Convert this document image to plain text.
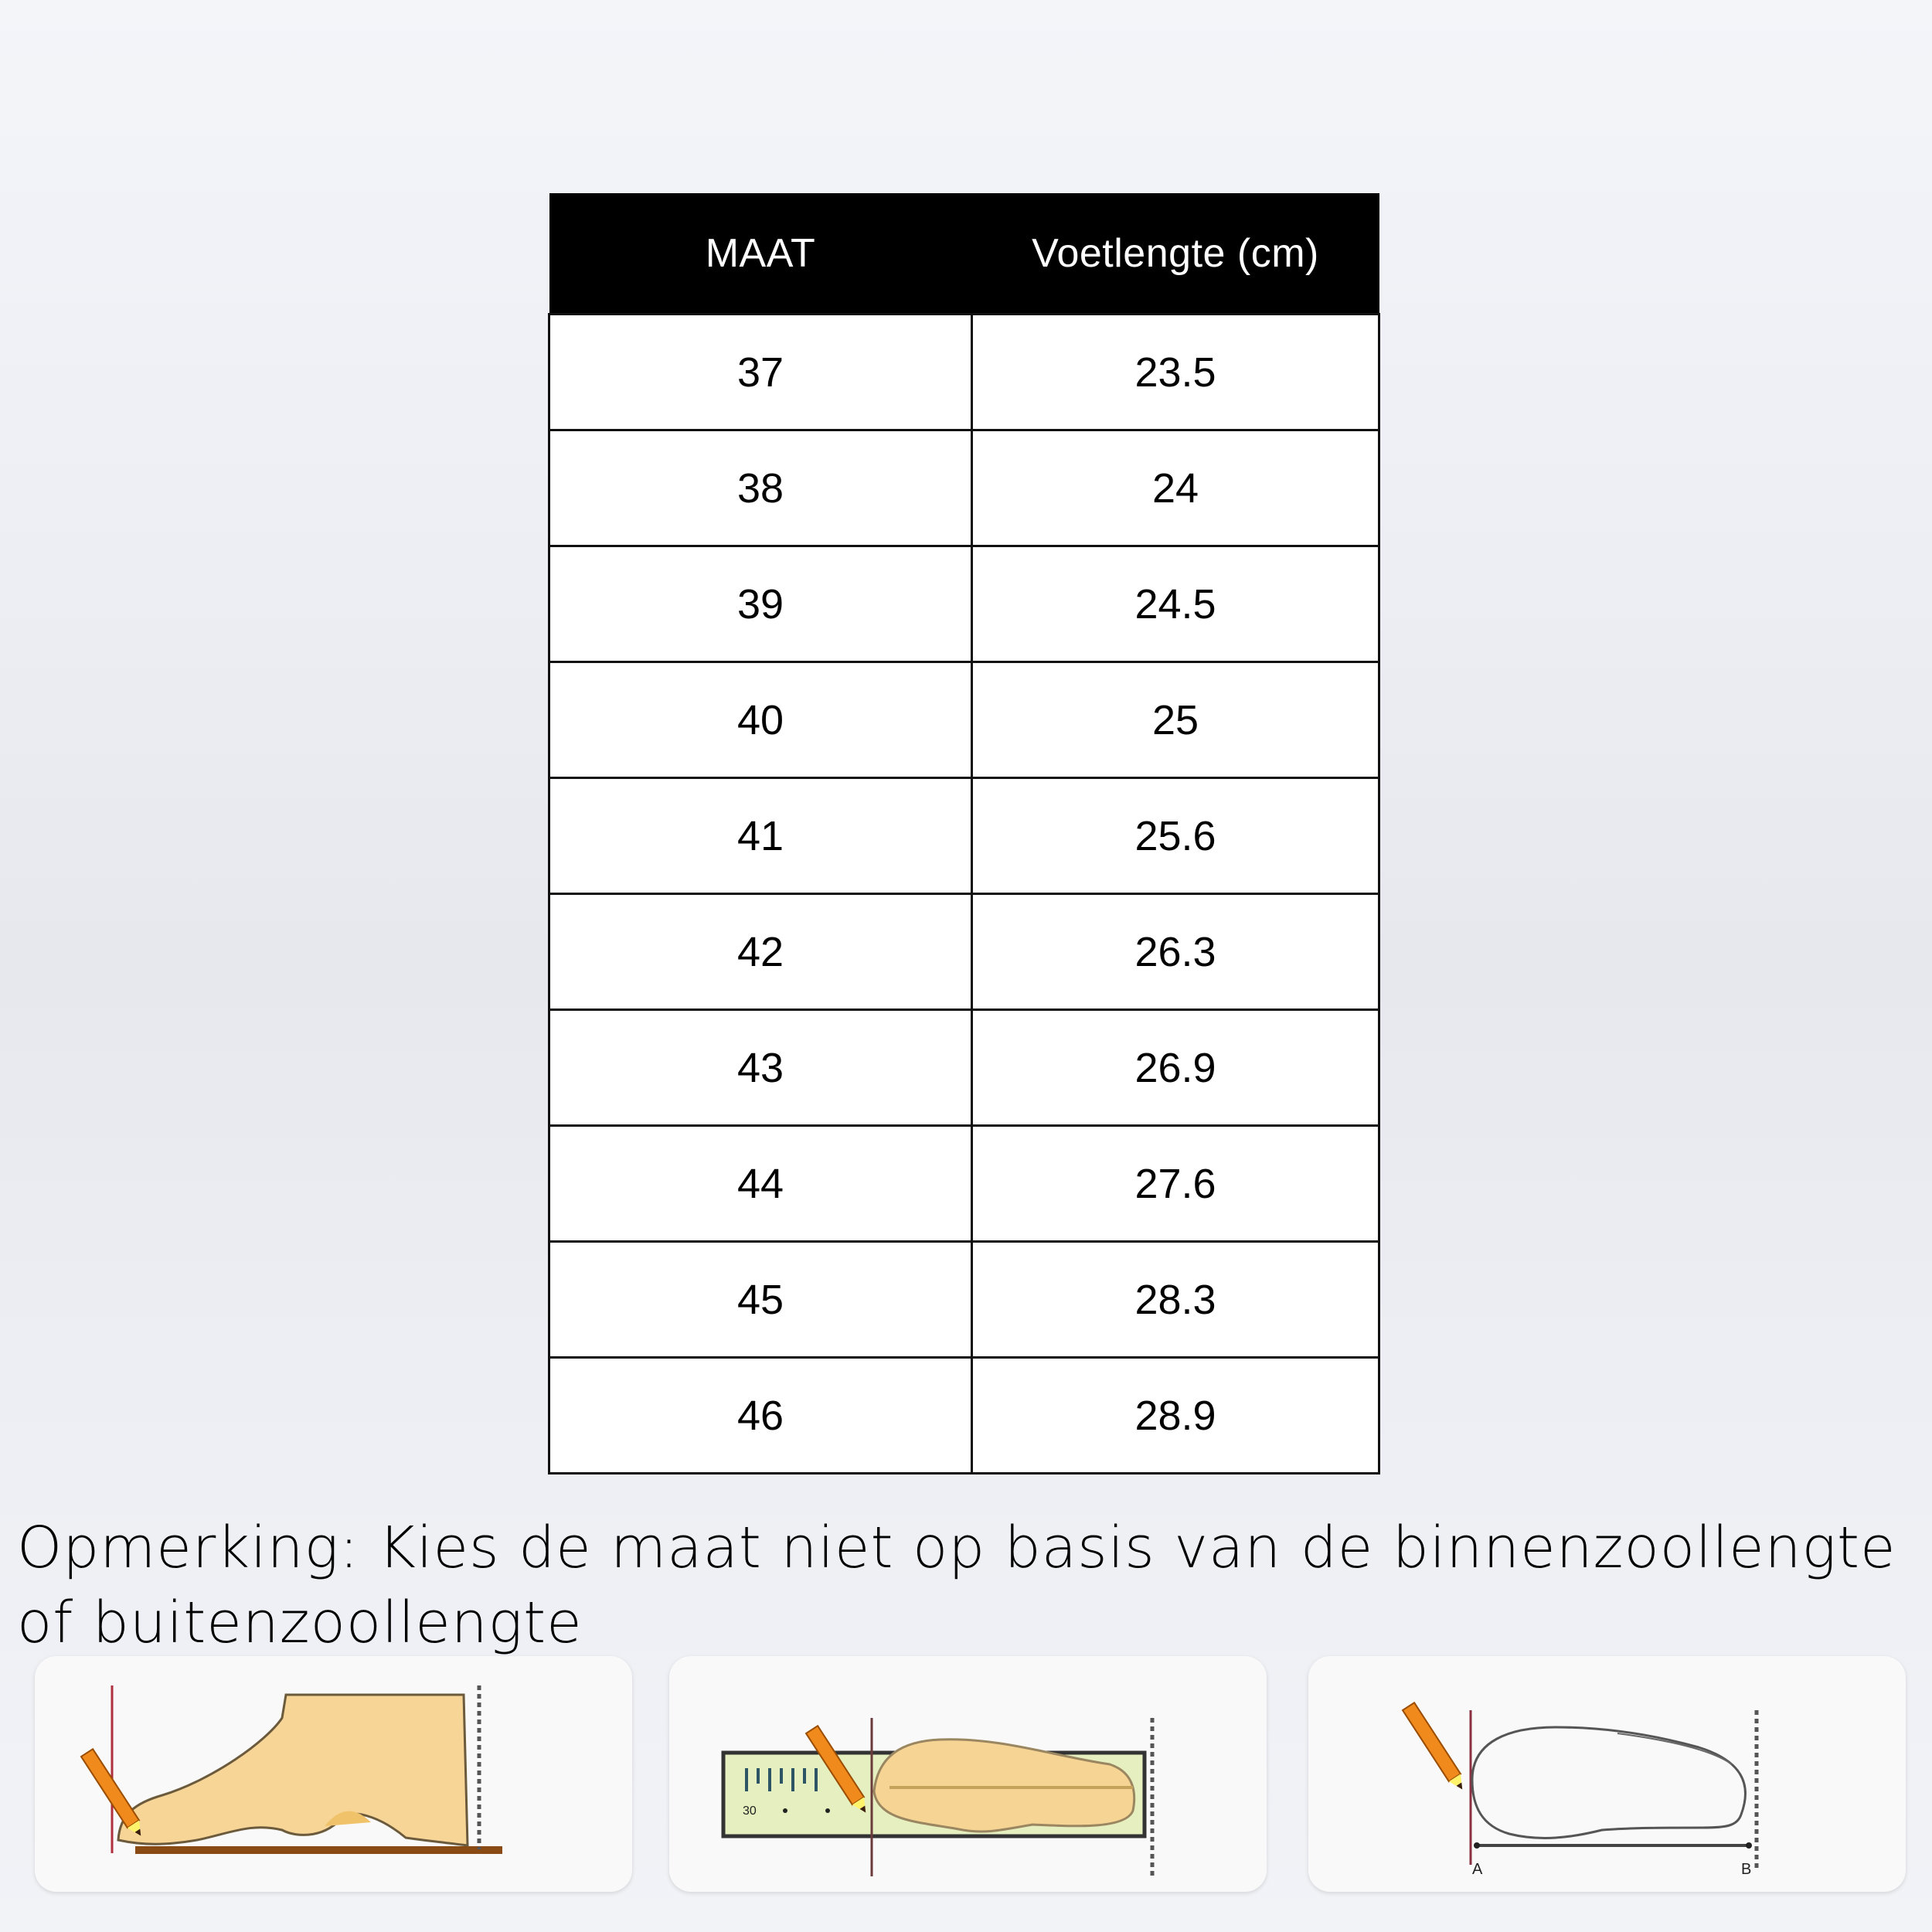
MAAT	Voetlengte (cm)
37	23.5
38	24
39	24.5
40	25
41	25.6
42	26.3
43	26.9
44	27.6
45	28.3
46	28.9
Opmerking: Kies de maat niet op basis van de binnenzoollengte
of buitenzoollengte
30
A	B
